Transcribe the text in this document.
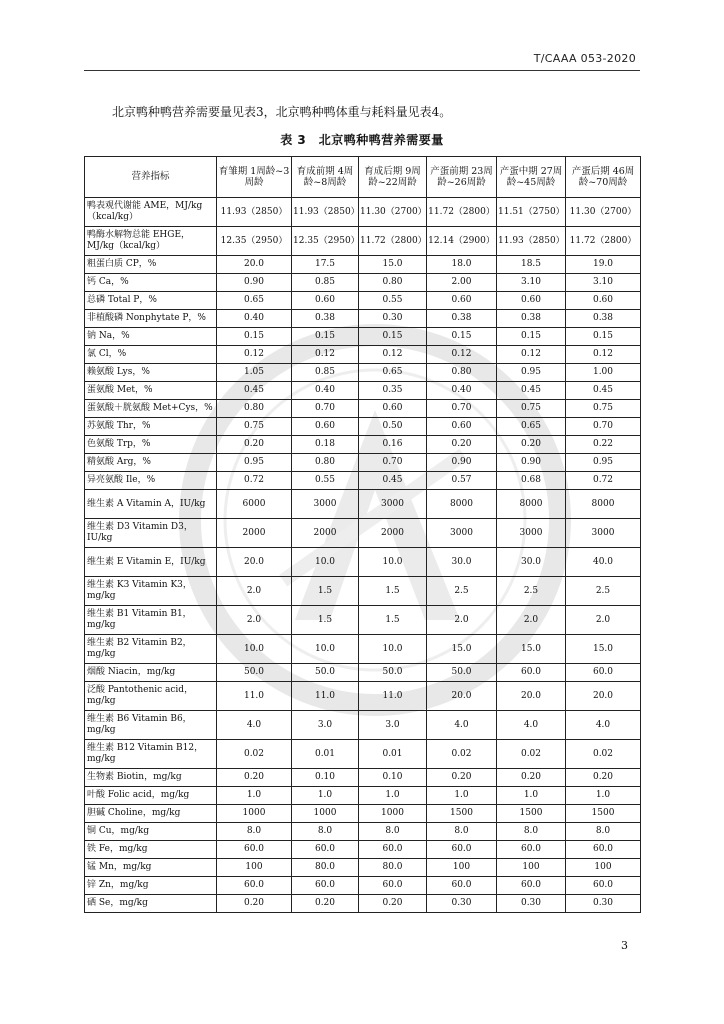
T/CAAA 053-2020
北京鸭种鸭营养需要量见表3，北京鸭种鸭体重与耗料量见表4。
表 3　北京鸭种鸭营养需要量
营养指标	育雏期 1周龄~3周龄	育成前期 4周龄~8周龄	育成后期 9周龄~22周龄	产蛋前期 23周龄~26周龄	产蛋中期 27周龄~45周龄	产蛋后期 46周龄~70周龄
鸭表观代谢能 AME，MJ/kg（kcal/kg）	11.93（2850）	11.93（2850）	11.30（2700）	11.72（2800）	11.51（2750）	11.30（2700）
鸭酶水解物总能 EHGE，MJ/kg（kcal/kg）	12.35（2950）	12.35（2950）	11.72（2800）	12.14（2900）	11.93（2850）	11.72（2800）
粗蛋白质 CP，%	20.0	17.5	15.0	18.0	18.5	19.0
钙 Ca，%	0.90	0.85	0.80	2.00	3.10	3.10
总磷 Total P，%	0.65	0.60	0.55	0.60	0.60	0.60
非植酸磷 Nonphytate P，%	0.40	0.38	0.30	0.38	0.38	0.38
钠 Na，%	0.15	0.15	0.15	0.15	0.15	0.15
氯 Cl，%	0.12	0.12	0.12	0.12	0.12	0.12
赖氨酸 Lys，%	1.05	0.85	0.65	0.80	0.95	1.00
蛋氨酸 Met，%	0.45	0.40	0.35	0.40	0.45	0.45
蛋氨酸＋胱氨酸 Met+Cys，%	0.80	0.70	0.60	0.70	0.75	0.75
苏氨酸 Thr，%	0.75	0.60	0.50	0.60	0.65	0.70
色氨酸 Trp，%	0.20	0.18	0.16	0.20	0.20	0.22
精氨酸 Arg，%	0.95	0.80	0.70	0.90	0.90	0.95
异亮氨酸 Ile，%	0.72	0.55	0.45	0.57	0.68	0.72
维生素 A Vitamin A，IU/kg	6000	3000	3000	8000	8000	8000
维生素 D3 Vitamin D3，IU/kg	2000	2000	2000	3000	3000	3000
维生素 E Vitamin E，IU/kg	20.0	10.0	10.0	30.0	30.0	40.0
维生素 K3 Vitamin K3，mg/kg	2.0	1.5	1.5	2.5	2.5	2.5
维生素 B1 Vitamin B1，mg/kg	2.0	1.5	1.5	2.0	2.0	2.0
维生素 B2 Vitamin B2，mg/kg	10.0	10.0	10.0	15.0	15.0	15.0
烟酸 Niacin，mg/kg	50.0	50.0	50.0	50.0	60.0	60.0
泛酸 Pantothenic acid，mg/kg	11.0	11.0	11.0	20.0	20.0	20.0
维生素 B6 Vitamin B6，mg/kg	4.0	3.0	3.0	4.0	4.0	4.0
维生素 B12 Vitamin B12，mg/kg	0.02	0.01	0.01	0.02	0.02	0.02
生物素 Biotin，mg/kg	0.20	0.10	0.10	0.20	0.20	0.20
叶酸 Folic acid，mg/kg	1.0	1.0	1.0	1.0	1.0	1.0
胆碱 Choline，mg/kg	1000	1000	1000	1500	1500	1500
铜 Cu，mg/kg	8.0	8.0	8.0	8.0	8.0	8.0
铁 Fe，mg/kg	60.0	60.0	60.0	60.0	60.0	60.0
锰 Mn，mg/kg	100	80.0	80.0	100	100	100
锌 Zn，mg/kg	60.0	60.0	60.0	60.0	60.0	60.0
硒 Se，mg/kg	0.20	0.20	0.20	0.30	0.30	0.30
3
